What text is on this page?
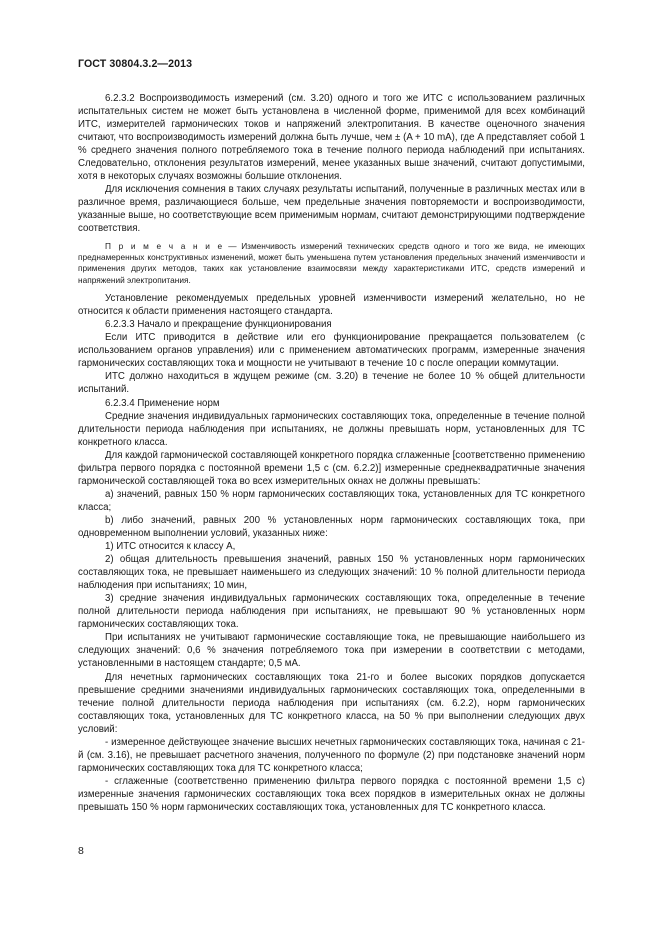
ГОСТ 30804.3.2—2013

6.2.3.2 Воспроизводимость измерений (см. 3.20) одного и того же ИТС с использованием различных испытательных систем не может быть установлена в численной форме, применимой для всех комбинаций ИТС, измерителей гармонических токов и напряжений электропитания. В качестве оценочного значения считают, что воспроизводимость измерений должна быть лучше, чем ± (A + 10 mA), где A представляет собой 1 % среднего значения полного потребляемого тока в течение полного периода наблюдений при испытаниях. Следовательно, отклонения результатов измерений, менее указанных выше значений, считают допустимыми, хотя в некоторых случаях возможны большие отклонения.

Для исключения сомнения в таких случаях результаты испытаний, полученные в различных местах или в различное время, различающиеся больше, чем предельные значения повторяемости и воспроизводимости, указанные выше, но соответствующие всем применимым нормам, считают демонстрирующими подтверждение соответствия.

П р и м е ч а н и е — Изменчивость измерений технических средств одного и того же вида, не имеющих преднамеренных конструктивных изменений, может быть уменьшена путем установления предельных значений изменчивости и применения других методов, таких как установление взаимосвязи между характеристиками ИТС, средств измерений и напряжений электропитания.

Установление рекомендуемых предельных уровней изменчивости измерений желательно, но не относится к области применения настоящего стандарта.

6.2.3.3 Начало и прекращение функционирования

Если ИТС приводится в действие или его функционирование прекращается пользователем (с использованием органов управления) или с применением автоматических программ, измеренные значения гармонических составляющих тока и мощности не учитывают в течение 10 с после операции коммутации.

ИТС должно находиться в ждущем режиме (см. 3.20) в течение не более 10 % общей длительности испытаний.

6.2.3.4 Применение норм

Средние значения индивидуальных гармонических составляющих тока, определенные в течение полной длительности периода наблюдения при испытаниях, не должны превышать норм, установленных для ТС конкретного класса.

Для каждой гармонической составляющей конкретного порядка сглаженные [соответственно применению фильтра первого порядка с постоянной времени 1,5 с (см. 6.2.2)] измеренные среднеквадратичные значения гармонической составляющей тока во всех измерительных окнах не должны превышать:

a) значений, равных 150 % норм гармонических составляющих тока, установленных для ТС конкретного класса;

b) либо значений, равных 200 % установленных норм гармонических составляющих тока, при одновременном выполнении условий, указанных ниже:

1) ИТС относится к классу A,

2) общая длительность превышения значений, равных 150 % установленных норм гармонических составляющих тока, не превышает наименьшего из следующих значений: 10 % полной длительности периода наблюдения при испытаниях; 10 мин,

3) средние значения индивидуальных гармонических составляющих тока, определенные в течение полной длительности периода наблюдения при испытаниях, не превышают 90 % установленных норм гармонических составляющих тока.

При испытаниях не учитывают гармонические составляющие тока, не превышающие наибольшего из следующих значений: 0,6 % значения потребляемого тока при измерении в соответствии с методами, установленными в настоящем стандарте; 0,5 мА.

Для нечетных гармонических составляющих тока 21-го и более высоких порядков допускается превышение средними значениями индивидуальных гармонических составляющих тока, определенными в течение полной длительности периода наблюдения при испытаниях (см. 6.2.2), норм гармонических составляющих тока, установленных для ТС конкретного класса, на 50 % при выполнении следующих двух условий:

- измеренное действующее значение высших нечетных гармонических составляющих тока, начиная с 21-й (см. 3.16), не превышает расчетного значения, полученного по формуле (2) при подстановке значений норм гармонических составляющих тока для ТС конкретного класса;

- сглаженные (соответственно применению фильтра первого порядка с постоянной времени 1,5 с) измеренные значения гармонических составляющих тока всех порядков в измерительных окнах не должны превышать 150 % норм гармонических составляющих тока, установленных для ТС конкретного класса.

8
